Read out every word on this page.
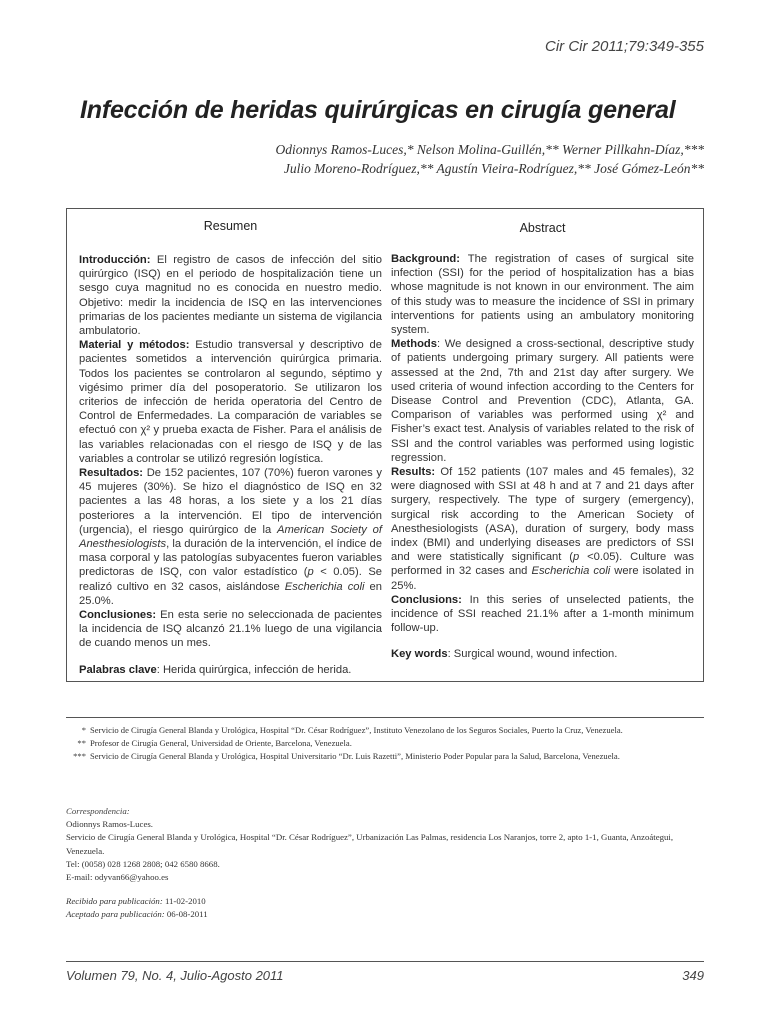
Cir Cir 2011;79:349-355
Infección de heridas quirúrgicas en cirugía general
Odionnys Ramos-Luces,* Nelson Molina-Guillén,** Werner Pillkahn-Díaz,***
Julio Moreno-Rodríguez,** Agustín Vieira-Rodríguez,** José Gómez-León**
Resumen

Introducción: El registro de casos de infección del sitio quirúrgico (ISQ) en el periodo de hospitalización tiene un sesgo cuya magnitud no es conocida en nuestro medio. Objetivo: medir la incidencia de ISQ en las intervenciones primarias de los pacientes mediante un sistema de vigilancia ambulatorio.

Material y métodos: Estudio transversal y descriptivo de pacientes sometidos a intervención quirúrgica primaria. Todos los pacientes se controlaron al segundo, séptimo y vigésimo primer día del posoperatorio. Se utilizaron los criterios de infección de herida operatoria del Centro de Control de Enfermedades. La comparación de variables se efectuó con χ² y prueba exacta de Fisher. Para el análisis de las variables relacionadas con el riesgo de ISQ y de las variables a controlar se utilizó regresión logística.

Resultados: De 152 pacientes, 107 (70%) fueron varones y 45 mujeres (30%). Se hizo el diagnóstico de ISQ en 32 pacientes a las 48 horas, a los siete y a los 21 días posteriores a la intervención. El tipo de intervención (urgencia), el riesgo quirúrgico de la American Society of Anesthesiologists, la duración de la intervención, el índice de masa corporal y las patologías subyacentes fueron variables predictoras de ISQ, con valor estadístico (p < 0.05). Se realizó cultivo en 32 casos, aislándose Escherichia coli en 25.0%.

Conclusiones: En esta serie no seleccionada de pacientes la incidencia de ISQ alcanzó 21.1% luego de una vigilancia de cuando menos un mes.

Palabras clave: Herida quirúrgica, infección de herida.

Abstract

Background: The registration of cases of surgical site infection (SSI) for the period of hospitalization has a bias whose magnitude is not known in our environment. The aim of this study was to measure the incidence of SSI in primary interventions for patients using an ambulatory monitoring system.

Methods: We designed a cross-sectional, descriptive study of patients undergoing primary surgery. All patients were assessed at the 2nd, 7th and 21st day after surgery. We used criteria of wound infection according to the Centers for Disease Control and Prevention (CDC), Atlanta, GA. Comparison of variables was performed using χ² and Fisher’s exact test. Analysis of variables related to the risk of SSI and the control variables was performed using logistic regression.

Results: Of 152 patients (107 males and 45 females), 32 were diagnosed with SSI at 48 h and at 7 and 21 days after surgery, respectively. The type of surgery (emergency), surgical risk according to the American Society of Anesthesiologists (ASA), duration of surgery, body mass index (BMI) and underlying diseases are predictors of SSI and were statistically significant (p <0.05). Culture was performed in 32 cases and Escherichia coli were isolated in 25%.

Conclusions: In this series of unselected patients, the incidence of SSI reached 21.1% after a 1-month minimum follow-up.

Key words: Surgical wound, wound infection.

* Servicio de Cirugía General Blanda y Urológica, Hospital “Dr. César Rodríguez”, Instituto Venezolano de los Seguros Sociales, Puerto la Cruz, Venezuela.
** Profesor de Cirugía General, Universidad de Oriente, Barcelona, Venezuela.
*** Servicio de Cirugía General Blanda y Urológica, Hospital Universitario “Dr. Luis Razetti”, Ministerio Poder Popular para la Salud, Barcelona, Venezuela.
Correspondencia:
Odionnys Ramos-Luces.
Servicio de Cirugía General Blanda y Urológica, Hospital “Dr. César Rodríguez”, Urbanización Las Palmas, residencia Los Naranjos, torre 2, apto 1-1, Guanta, Anzoátegui, Venezuela.
Tel: (0058) 028 1268 2808; 042 6580 8668.
E-mail: odyvan66@yahoo.es
Recibido para publicación: 11-02-2010
Aceptado para publicación: 06-08-2011
Volumen 79, No. 4, Julio-Agosto 2011	349
